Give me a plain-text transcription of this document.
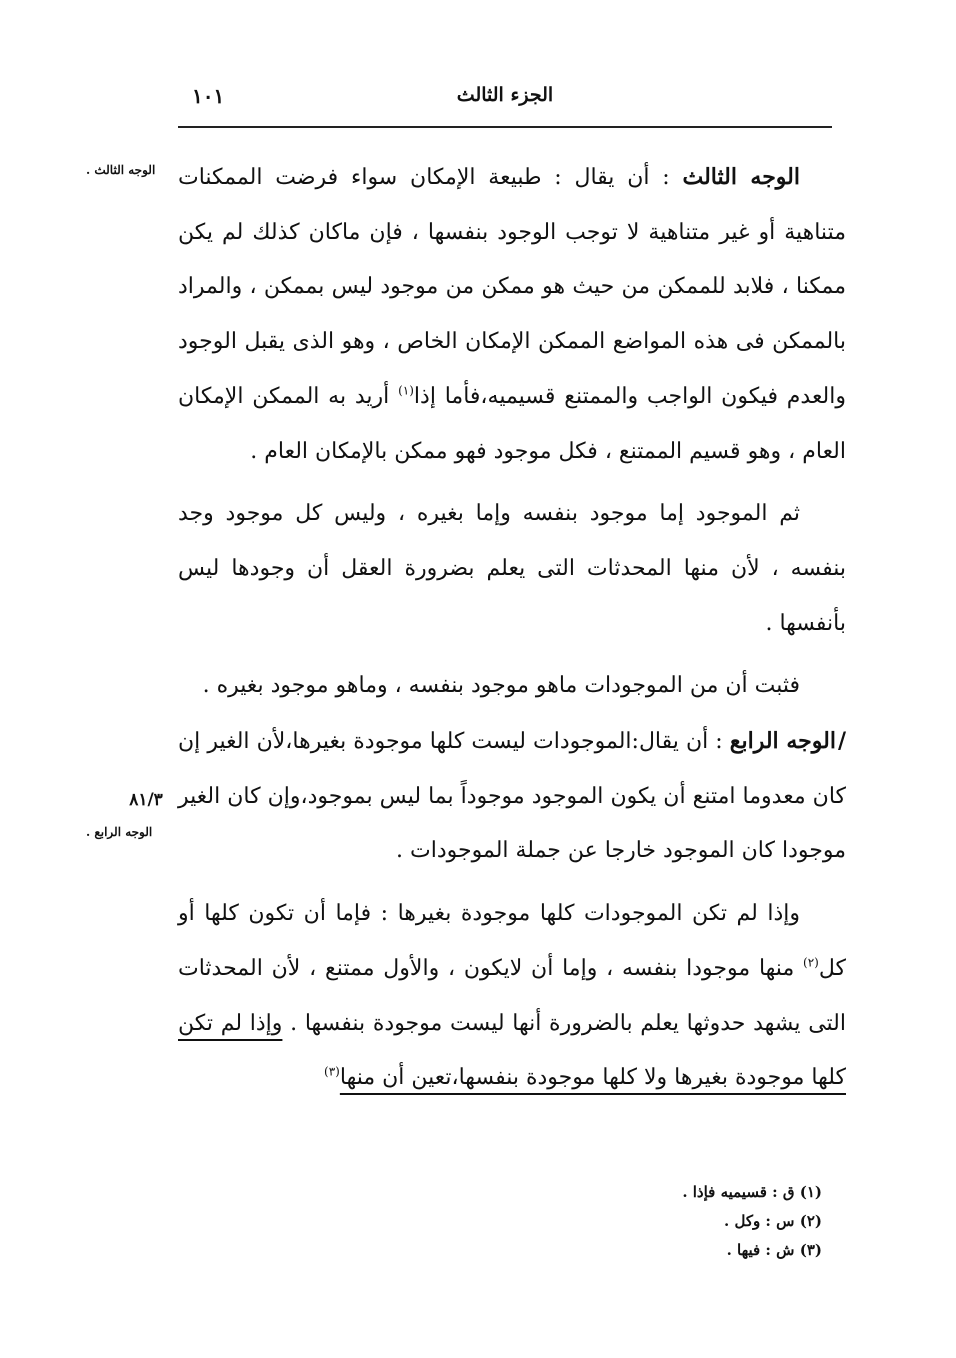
الجزء الثالث
١٠١
الوجه الثالث .
٨١/٣
الوجه الرابع .

الوجه الثالث : أن يقال : طبيعة الإمكان سواء فرضت الممكنات متناهية أو غير متناهية لا توجب الوجود بنفسها ، فإن ماكان كذلك لم يكن ممكنا ، فلابد للممكن من حيث هو ممكن من موجود ليس بممكن ، والمراد بالممكن فى هذه المواضع الممكن الإمكان الخاص ، وهو الذى يقبل الوجود والعدم فيكون الواجب والممتنع قسيميه،فأما إذا$^{(١)}$ أريد به الممكن الإمكان العام ، وهو قسيم الممتنع ، فكل موجود فهو ممكن بالإمكان العام .

ثم الموجود إما موجود بنفسه وإما بغيره ، وليس كل موجود وجد بنفسه ، لأن منها المحدثات التى يعلم بضرورة العقل أن وجودها ليس بأنفسها .

فثبت أن من الموجودات ماهو موجود بنفسه ، وماهو موجود بغيره .

/الوجه الرابع : أن يقال:الموجودات ليست كلها موجودة بغيرها،لأن الغير إن كان معدوما امتنع أن يكون الموجود موجوداً بما ليس بموجود،وإن كان الغير موجودا كان الموجود خارجا عن جملة الموجودات .

وإذا لم تكن الموجودات كلها موجودة بغيرها : فإما أن تكون كلها أو كل$^{(٢)}$ منها موجودا بنفسه ، وإما أن لايكون ، والأول ممتنع ، لأن المحدثات التى يشهد حدوثها يعلم بالضرورة أنها ليست موجودة بنفسها . وإذا لم تكن كلها موجودة بغيرها ولا كلها موجودة بنفسها،تعين أن منها$^{(٣)}$

(١) ق : قسيميه فإذا .
(٢) س : وكل .
(٣) ش : فيها .
